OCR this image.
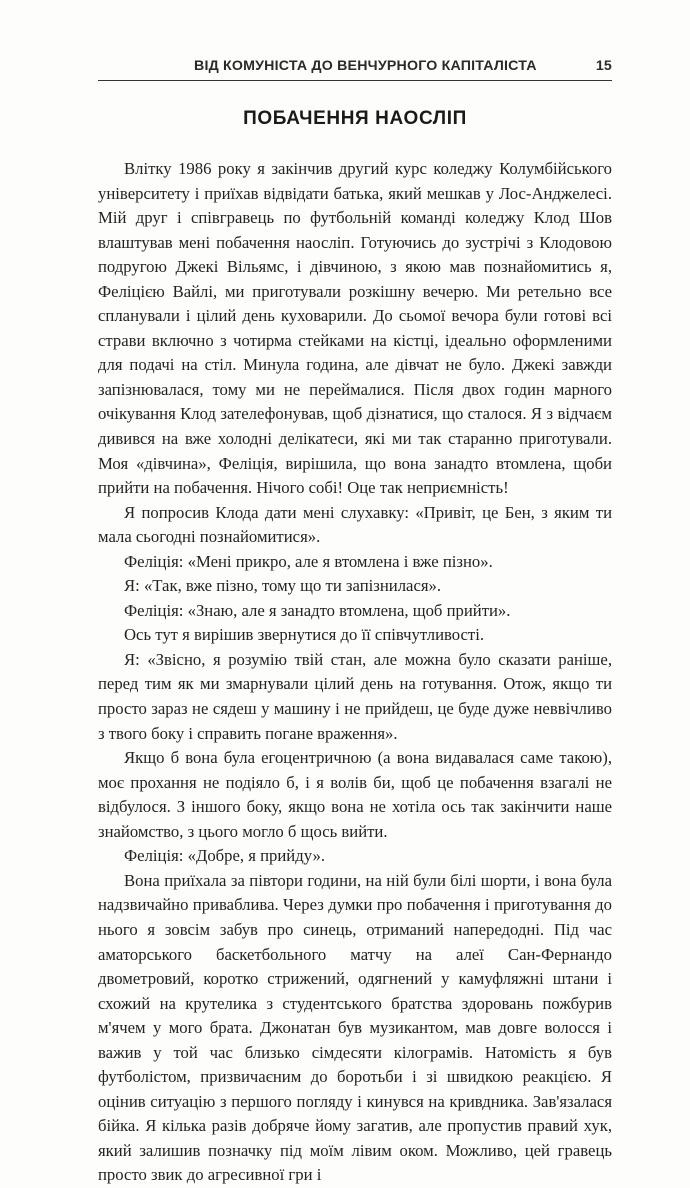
ВІД КОМУНІСТА ДО ВЕНЧУРНОГО КАПІТАЛІСТА	15
ПОБАЧЕННЯ НАОСЛІП

Влітку 1986 року я закінчив другий курс коледжу Колумбійського університету і приїхав відвідати батька, який мешкав у Лос-Анджелесі. Мій друг і співгравець по футбольній команді коледжу Клод Шов влаштував мені побачення наосліп. Готуючись до зустрічі з Клодовою подругою Джекі Вільямс, і дівчиною, з якою мав познайомитись я, Феліцією Вайлі, ми приготували розкішну вечерю. Ми ретельно все спланували і цілий день куховарили. До сьомої вечора були готові всі страви включно з чотирма стейками на кістці, ідеально оформленими для подачі на стіл. Минула година, але дівчат не було. Джекі завжди запізнювалася, тому ми не переймалися. Після двох годин марного очікування Клод зателефонував, щоб дізнатися, що сталося. Я з відчаєм дивився на вже холодні делікатеси, які ми так старанно приготували. Моя «дівчина», Феліція, вирішила, що вона занадто втомлена, щоби прийти на побачення. Нічого собі! Оце так неприємність!

Я попросив Клода дати мені слухавку: «Привіт, це Бен, з яким ти мала сьогодні познайомитися».

Феліція: «Мені прикро, але я втомлена і вже пізно».

Я: «Так, вже пізно, тому що ти запізнилася».

Феліція: «Знаю, але я занадто втомлена, щоб прийти».

Ось тут я вирішив звернутися до її співчутливості.

Я: «Звісно, я розумію твій стан, але можна було сказати раніше, перед тим як ми змарнували цілий день на готування. Отож, якщо ти просто зараз не сядеш у машину і не прийдеш, це буде дуже неввічливо з твого боку і справить погане враження».

Якщо б вона була егоцентричною (а вона видавалася саме такою), моє прохання не подіяло б, і я волів би, щоб це побачення взагалі не відбулося. З іншого боку, якщо вона не хотіла ось так закінчити наше знайомство, з цього могло б щось вийти.

Феліція: «Добре, я прийду».

Вона приїхала за півтори години, на ній були білі шорти, і вона була надзвичайно приваблива. Через думки про побачення і приготування до нього я зовсім забув про синець, отриманий напередодні. Під час аматорського баскетбольного матчу на алеї Сан-Фернандо двометровий, коротко стрижений, одягнений у камуфляжні штани і схожий на крутелика з студентського братства здоровань пожбурив м'ячем у мого брата. Джонатан був музикантом, мав довге волосся і важив у той час близько сімдесяти кілограмів. Натомість я був футболістом, призвичаєним до боротьби і зі швидкою реакцією. Я оцінив ситуацію з першого погляду і кинувся на кривдника. Зав'язалася бійка. Я кілька разів добряче йому загатив, але пропустив правий хук, який залишив позначку під моїм лівим оком. Можливо, цей гравець просто звик до агресивної гри і
